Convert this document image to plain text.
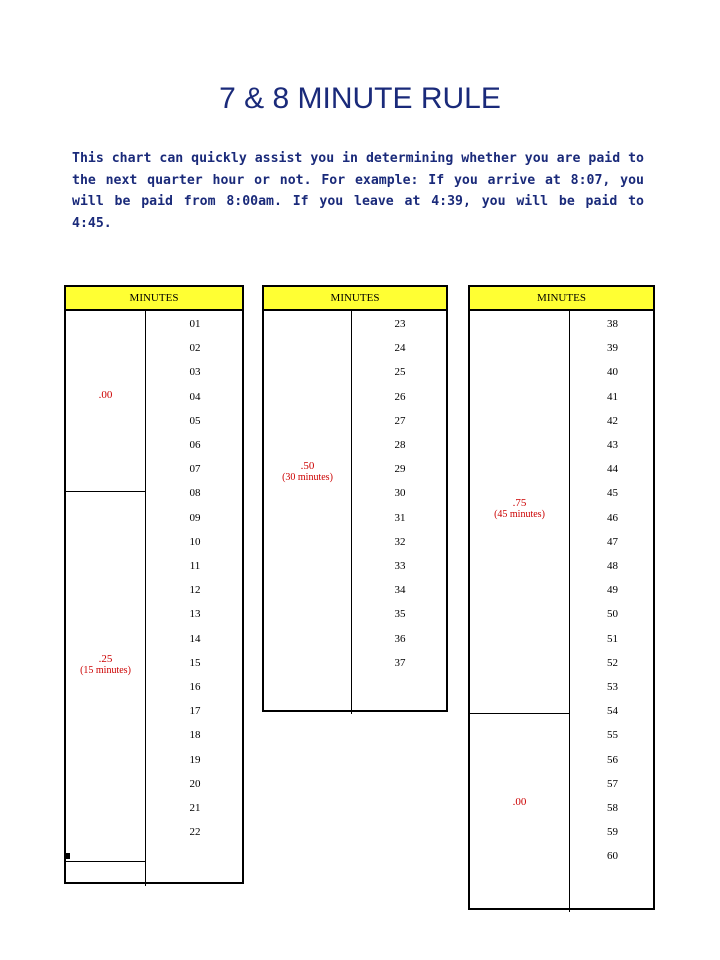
7 & 8 MINUTE RULE

This chart can quickly assist you in determining whether you are paid to the next quarter hour or not. For example: If you arrive at 8:07, you will be paid from 8:00am. If you leave at 4:39, you will be paid to 4:45.

MINUTES
.00
.25
(15 minutes)
01
02
03
04
05
06
07
08
09
10
11
12
13
14
15
16
17
18
19
20
21
22
MINUTES
.50
(30 minutes)
23
24
25
26
27
28
29
30
31
32
33
34
35
36
37
MINUTES
.75
(45 minutes)
.00
38
39
40
41
42
43
44
45
46
47
48
49
50
51
52
53
54
55
56
57
58
59
60
